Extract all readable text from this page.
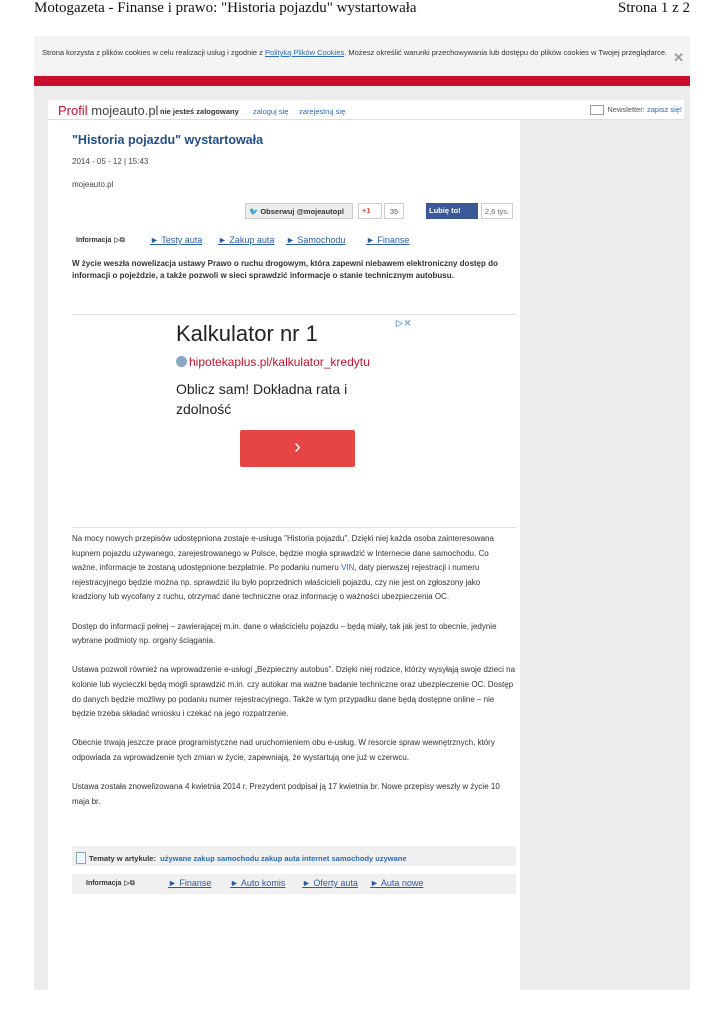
Motogazeta - Finanse i prawo: "Historia pojazdu" wystartowała	Strona 1 z 2
Strona korzysta z plików cookies w celu realizacji usług i zgodnie z Polityką Plików Cookies. Możesz określić warunki przechowywania lub dostępu do plików cookies w Twojej przeglądarce. ✕
Profil mojeauto.pl nie jesteś zalogowany zaloguj się zarejestruj się	Newsletter: zapisz się!
"Historia pojazdu" wystartowała
2014 - 05 - 12 | 15:43
mojeauto.pl
🐦 Obserwuj @mojeautopl	+1	35	Lubię to!	2,6 tys.
Informacja ▷⧉	► Testy auta ► Zakup auta ► Samochodu ► Finanse
W życie weszła nowelizacja ustawy Prawo o ruchu drogowym, która zapewni niebawem elektroniczny dostęp do informacji o pojeździe, a także pozwoli w sieci sprawdzić informacje o stanie technicznym autobusu.
▷✕
Kalkulator nr 1
hipotekaplus.pl/kalkulator_kredytu
Oblicz sam! Dokładna rata i zdolność
›

Na mocy nowych przepisów udostępniona zostaje e-usługa "Historia pojazdu". Dzięki niej każda osoba zainteresowana kupnem pojazdu używanego, zarejestrowanego w Polsce, będzie mogła sprawdzić w Internecie dane samochodu. Co ważne, informacje te zostaną udostępnione bezpłatnie. Po podaniu numeru VIN, daty pierwszej rejestracji i numeru rejestracyjnego będzie można np. sprawdzić ilu było poprzednich właścicieli pojazdu, czy nie jest on zgłoszony jako kradziony lub wycofany z ruchu, otrzymać dane techniczne oraz informację o ważności ubezpieczenia OC.

Dostęp do informacji pełnej – zawierającej m.in. dane o właścicielu pojazdu – będą miały, tak jak jest to obecnie, jedynie wybrane podmioty np. organy ściągania.

Ustawa pozwoli również na wprowadzenie e-usługi „Bezpieczny autobus". Dzięki niej rodzice, którzy wysyłają swoje dzieci na kolonie lub wycieczki będą mogli sprawdzić m.in. czy autokar ma ważne badanie techniczne oraz ubezpieczenie OC. Dostęp do danych będzie możliwy po podaniu numer rejestracyjnego. Także w tym przypadku dane będą dostępne online – nie będzie trzeba składać wniosku i czekać na jego rozpatrzenie.

Obecnie trwają jeszcze prace programistyczne nad uruchomieniem obu e-usług. W resorcie spraw wewnętrznych, który odpowiada za wprowadzenie tych zmian w życie, zapewniają, że wystartują one już w czerwcu.

Ustawa została znowelizowana 4 kwietnia 2014 r. Prezydent podpisał ją 17 kwietnia br. Nowe przepisy weszły w życie 10 maja br.

Tematy w artykule: używane zakup samochodu zakup auta internet samochody uzywane
Informacja ▷⧉	► Finanse ► Auto komis ► Oferty auta ► Auta nowe
